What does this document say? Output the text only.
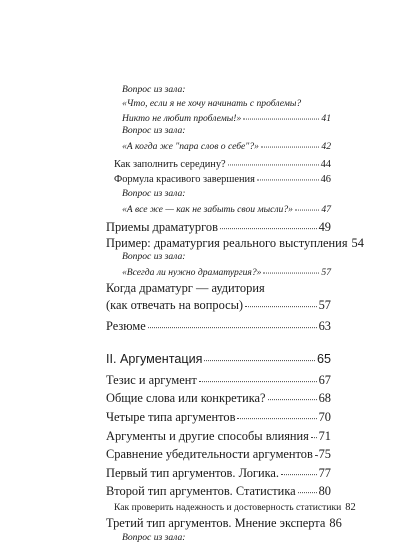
Вопрос из зала:
«Что, если я не хочу начинать с проблемы?
Никто не любит проблемы!»	41
Вопрос из зала:
«А когда же "пара слов о себе"?»	42
Как заполнить середину?	44
Формула красивого завершения	46
Вопрос из зала:
«А все же — как не забыть свои мысли?»	47
Приемы драматургов	49
Пример: драматургия реального выступления 54
Вопрос из зала:
«Всегда ли нужно драматургия?»	57
Когда драматург — аудитория
(как отвечать на вопросы)	57
Резюме	63
II. Аргументация	65
Тезис и аргумент	67
Общие слова или конкретика?	68
Четыре типа аргументов	70
Аргументы и другие способы влияния 71
Сравнение убедительности аргументов 75
Первый тип аргументов. Логика.	77
Второй тип аргументов. Статистика 80
Как проверить надежность и достоверность статистики 82
Третий тип аргументов. Мнение эксперта 86
Вопрос из зала:
